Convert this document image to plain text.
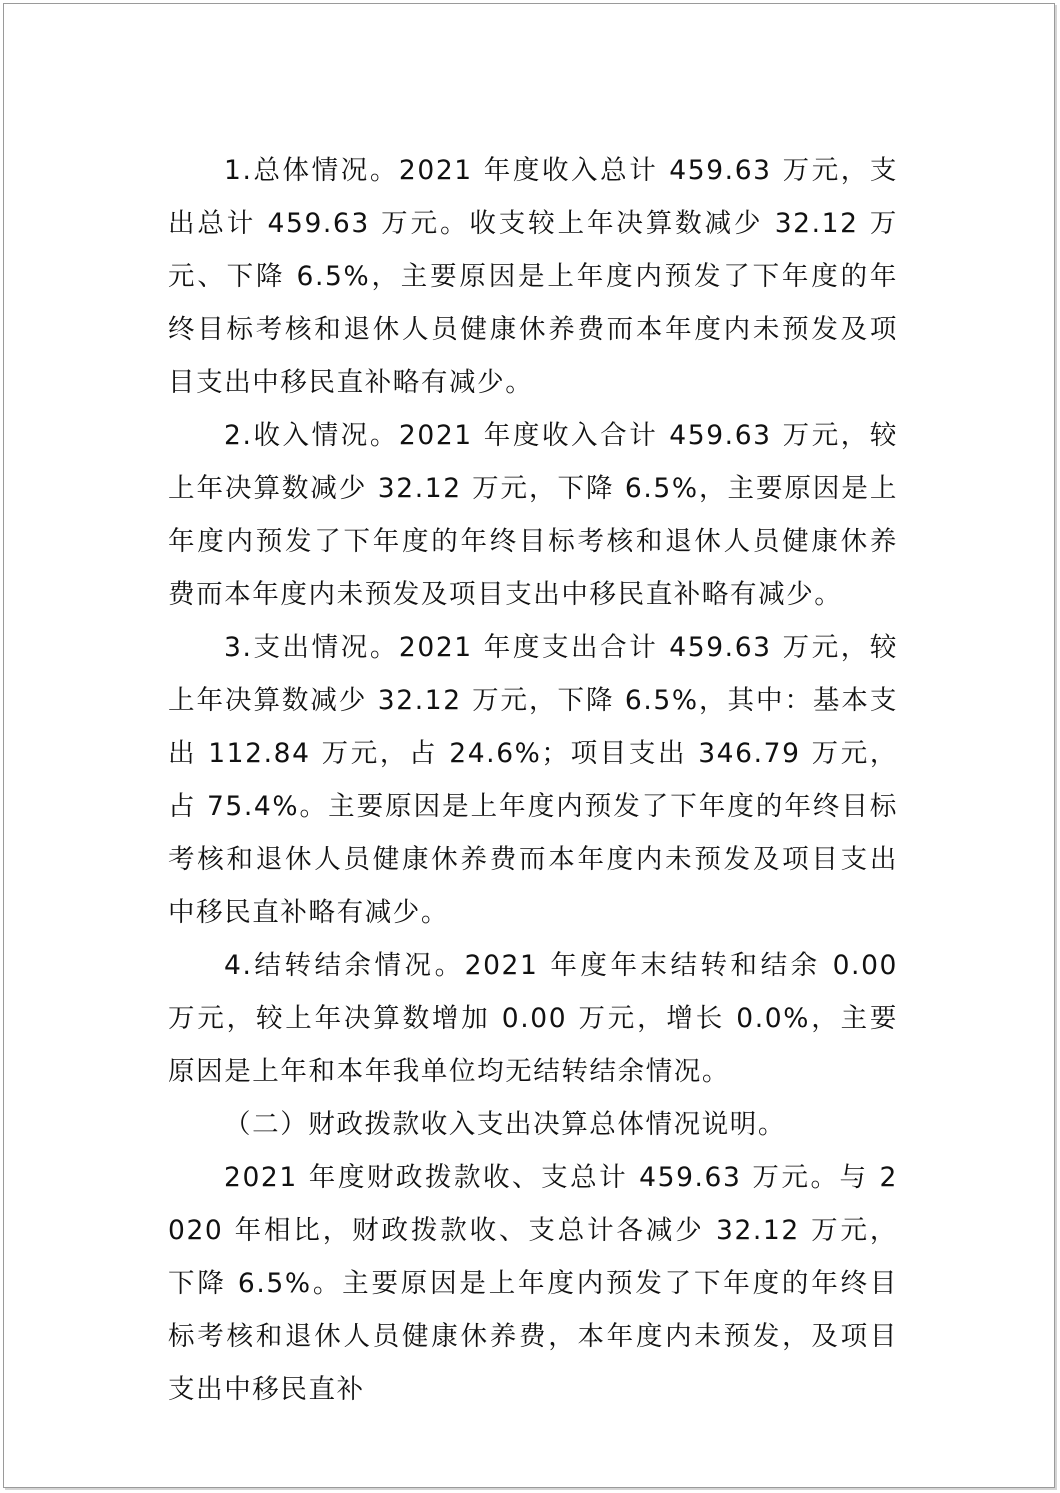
1.总体情况。2021 年度收入总计 459.63 万元，支出总计 459.63 万元。收支较上年决算数减少 32.12 万元、下降 6.5%，主要原因是上年度内预发了下年度的年终目标考核和退休人员健康休养费而本年度内未预发及项目支出中移民直补略有减少。

2.收入情况。2021 年度收入合计 459.63 万元，较上年决算数减少 32.12 万元，下降 6.5%，主要原因是上年度内预发了下年度的年终目标考核和退休人员健康休养费而本年度内未预发及项目支出中移民直补略有减少。

3.支出情况。2021 年度支出合计 459.63 万元，较上年决算数减少 32.12 万元，下降 6.5%，其中：基本支出 112.84 万元，占 24.6%；项目支出 346.79 万元，占 75.4%。主要原因是上年度内预发了下年度的年终目标考核和退休人员健康休养费而本年度内未预发及项目支出中移民直补略有减少。

4.结转结余情况。2021 年度年末结转和结余 0.00 万元，较上年决算数增加 0.00 万元，增长 0.0%，主要原因是上年和本年我单位均无结转结余情况。

（二）财政拨款收入支出决算总体情况说明。

2021 年度财政拨款收、支总计 459.63 万元。与 2020 年相比，财政拨款收、支总计各减少 32.12 万元，下降 6.5%。主要原因是上年度内预发了下年度的年终目标考核和退休人员健康休养费，本年度内未预发，及项目支出中移民直补
